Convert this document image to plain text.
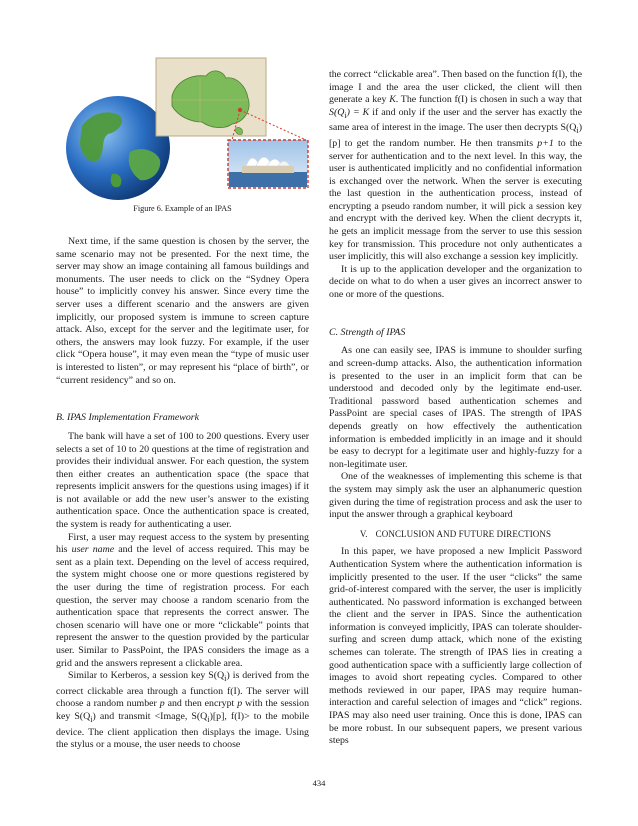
Figure 6. Example of an IPAS

Next time, if the same question is chosen by the server, the same scenario may not be presented. For the next time, the server may show an image containing all famous buildings and monuments. The user needs to click on the “Sydney Opera house” to implicitly convey his answer. Since every time the server uses a different scenario and the answers are given implicitly, our proposed system is immune to screen capture attack. Also, except for the server and the legitimate user, for others, the answers may look fuzzy. For example, if the user click “Opera house”, it may even mean the “type of music user is interested to listen”, or may represent his “place of birth”, or “current residency” and so on.

B. IPAS Implementation Framework

The bank will have a set of 100 to 200 questions. Every user selects a set of 10 to 20 questions at the time of registration and provides their individual answer. For each question, the system then either creates an authentication space (the space that represents implicit answers for the questions using images) if it is not available or add the new user’s answer to the existing authentication space. Once the authentication space is created, the system is ready for authenticating a user.

First, a user may request access to the system by presenting his user name and the level of access required. This may be sent as a plain text. Depending on the level of access required, the system might choose one or more questions registered by the user during the time of registration process. For each question, the server may choose a random scenario from the authentication space that represents the correct answer. The chosen scenario will have one or more “clickable” points that represent the answer to the question provided by the particular user. Similar to PassPoint, the IPAS considers the image as a grid and the answers represent a clickable area.

Similar to Kerberos, a session key $S(Q_i)$ is derived from the correct clickable area through a function f(I). The server will choose a random number p and then encrypt p with the session key $S(Q_i)$ and transmit <Image, $S(Q_i)[p]$, f(I)> to the mobile device. The client application then displays the image. Using the stylus or a mouse, the user needs to choose

the correct “clickable area”. Then based on the function f(I), the image I and the area the user clicked, the client will then generate a key K. The function f(I) is chosen in such a way that $S(Q_i) = K$ if and only if the user and the server has exactly the same area of interest in the image. The user then decrypts $S(Q_i)[p]$ to get the random number. He then transmits p+1 to the server for authentication and to the next level. In this way, the user is authenticated implicitly and no confidential information is exchanged over the network. When the server is executing the last question in the authentication process, instead of encrypting a pseudo random number, it will pick a session key and encrypt with the derived key. When the client decrypts it, he gets an implicit message from the server to use this session key for transmission. This procedure not only authenticates a user implicitly, this will also exchange a session key implicitly.

It is up to the application developer and the organization to decide on what to do when a user gives an incorrect answer to one or more of the questions.

C. Strength of IPAS

As one can easily see, IPAS is immune to shoulder surfing and screen-dump attacks. Also, the authentication information is presented to the user in an implicit form that can be understood and decoded only by the legitimate end-user. Traditional password based authentication schemes and PassPoint are special cases of IPAS. The strength of IPAS depends greatly on how effectively the authentication information is embedded implicitly in an image and it should be easy to decrypt for a legitimate user and highly-fuzzy for a non-legitimate user.

One of the weaknesses of implementing this scheme is that the system may simply ask the user an alphanumeric question given during the time of registration process and ask the user to input the answer through a graphical keyboard

V. CONCLUSION AND FUTURE DIRECTIONS

In this paper, we have proposed a new Implicit Password Authentication System where the authentication information is implicitly presented to the user. If the user “clicks” the same grid-of-interest compared with the server, the user is implicitly authenticated. No password information is exchanged between the client and the server in IPAS. Since the authentication information is conveyed implicitly, IPAS can tolerate shoulder-surfing and screen dump attack, which none of the existing schemes can tolerate. The strength of IPAS lies in creating a good authentication space with a sufficiently large collection of images to avoid short repeating cycles. Compared to other methods reviewed in our paper, IPAS may require human-interaction and careful selection of images and “click” regions. IPAS may also need user training. Once this is done, IPAS can be more robust. In our subsequent papers, we present various steps

434
